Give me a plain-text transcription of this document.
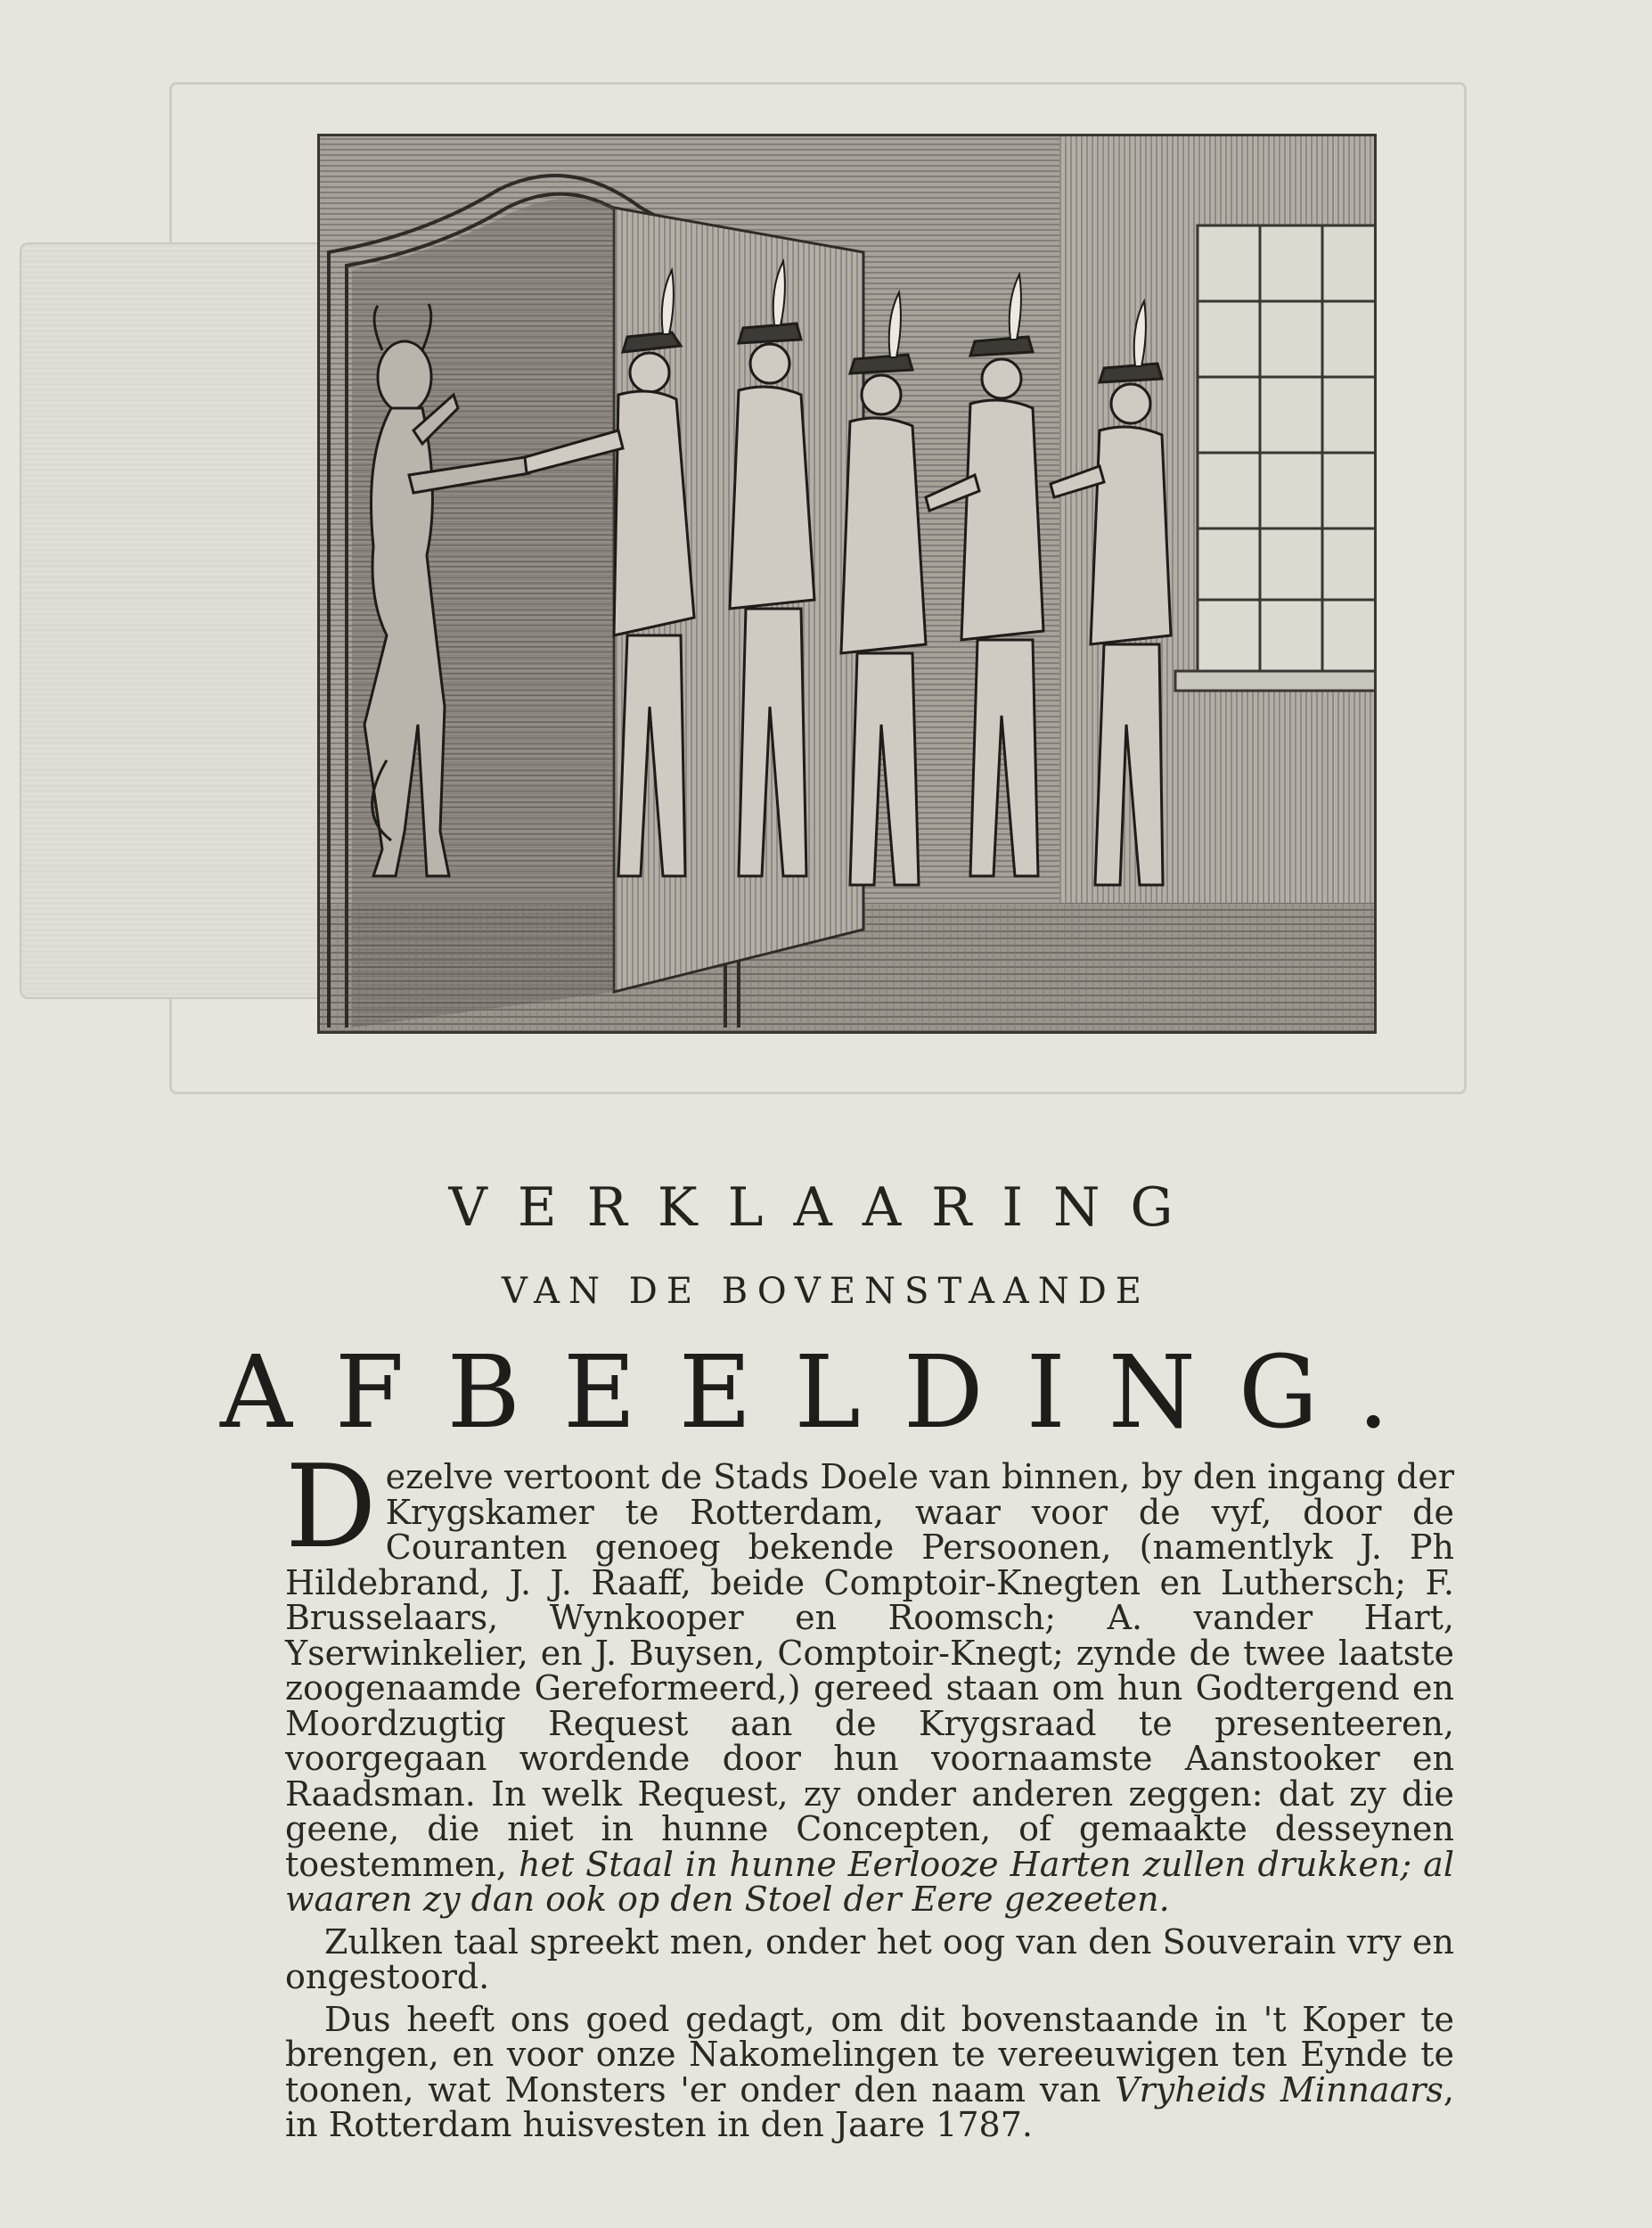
VERKLAARING
VAN DE BOVENSTAANDE
AFBEELDING.

Dezelve vertoont de Stads Doele van binnen, by den ingang der Krygskamer te Rotterdam, waar voor de vyf, door de Couranten genoeg bekende Persoonen, (namentlyk J. Ph Hildebrand, J. J. Raaff, beide Comptoir-Knegten en Luthersch; F. Brusselaars, Wynkooper en Roomsch; A. vander Hart, Yserwinkelier, en J. Buysen, Comptoir-Knegt; zynde de twee laatste zoogenaamde Gereformeerd,) gereed staan om hun Godtergend en Moordzugtig Request aan de Krygsraad te presenteeren, voorgegaan wordende door hun voornaamste Aanstooker en Raadsman. In welk Request, zy onder anderen zeggen: dat zy die geene, die niet in hunne Concepten, of gemaakte desseynen toestemmen, het Staal in hunne Eerlooze Harten zullen drukken; al waaren zy dan ook op den Stoel der Eere gezeeten.

Zulken taal spreekt men, onder het oog van den Souverain vry en ongestoord.

Dus heeft ons goed gedagt, om dit bovenstaande in 't Koper te brengen, en voor onze Nakomelingen te vereeuwigen ten Eynde te toonen, wat Monsters 'er onder den naam van Vryheids Minnaars, in Rotterdam huisvesten in den Jaare 1787.
